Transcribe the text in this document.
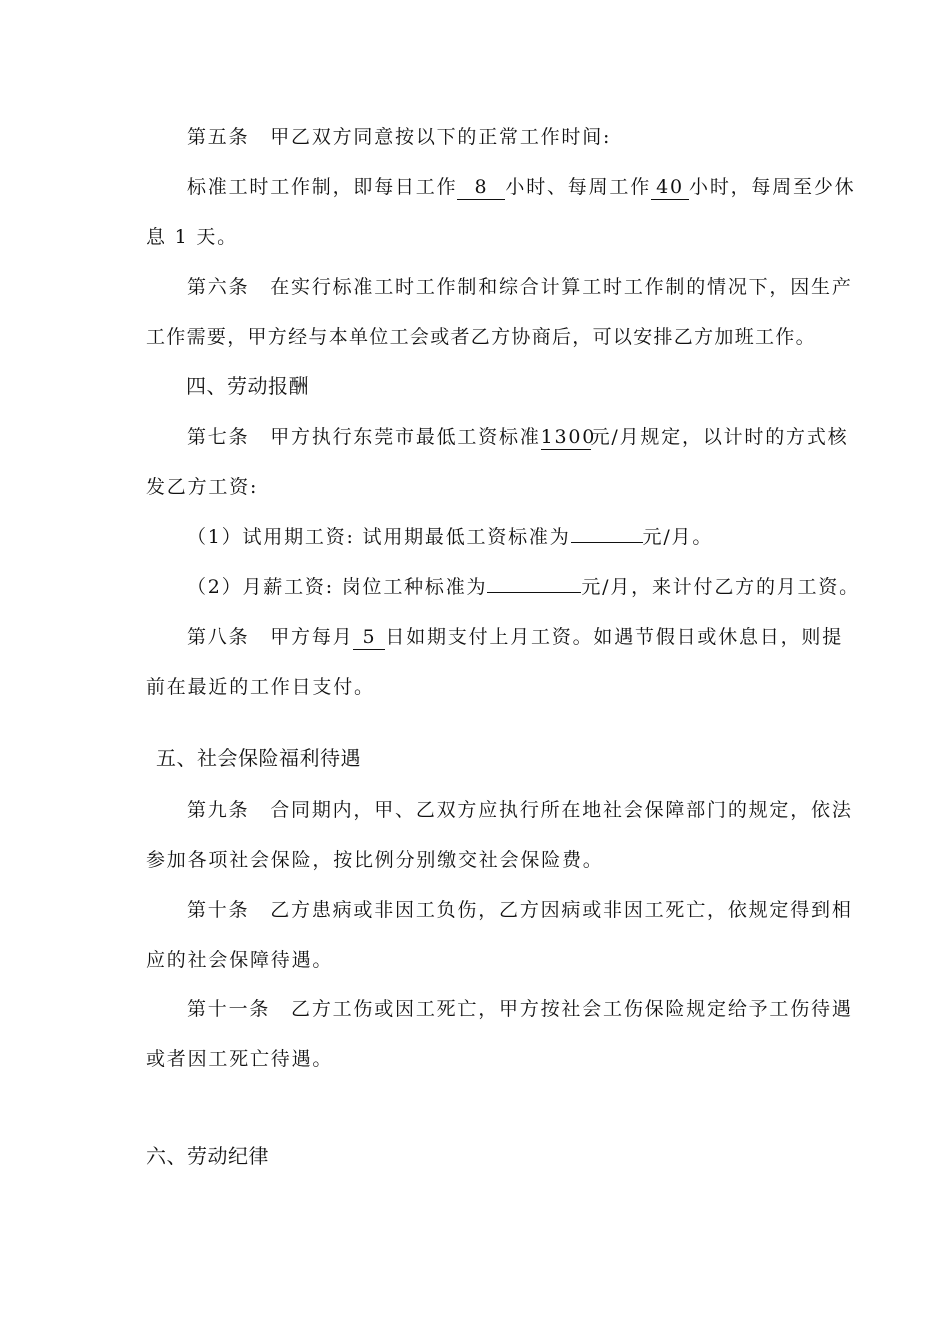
第五条　 甲乙双方同意按以下的正常工作时间:
标准工时工作制，即每日工作 8 小时、每周工作 40 小时，每周至少休
息 1 天。
第六条　 在实行标准工时工作制和综合计算工时工作制的情况下，因生产
工作需要，甲方经与本单位工会或者乙方协商后，可以安排乙方加班工作。
四、劳动报酬
第七条　 甲方执行东莞市最低工资标准1300元/月规定，以计时的方式核
发乙方工资:
（1）试用期工资: 试用期最低工资标准为	元/月。
（2）月薪工资: 岗位工种标准为	元/月，来计付乙方的月工资。
第八条　 甲方每月 5 日如期支付上月工资。如遇节假日或休息日，则提
前在最近的工作日支付。
五、社会保险福利待遇
第九条　 合同期内，甲、乙双方应执行所在地社会保障部门的规定，依法
参加各项社会保险，按比例分别缴交社会保险费。
第十条　 乙方患病或非因工负伤，乙方因病或非因工死亡，依规定得到相
应的社会保障待遇。
第十一条　 乙方工伤或因工死亡，甲方按社会工伤保险规定给予工伤待遇
或者因工死亡待遇。
六、劳动纪律
